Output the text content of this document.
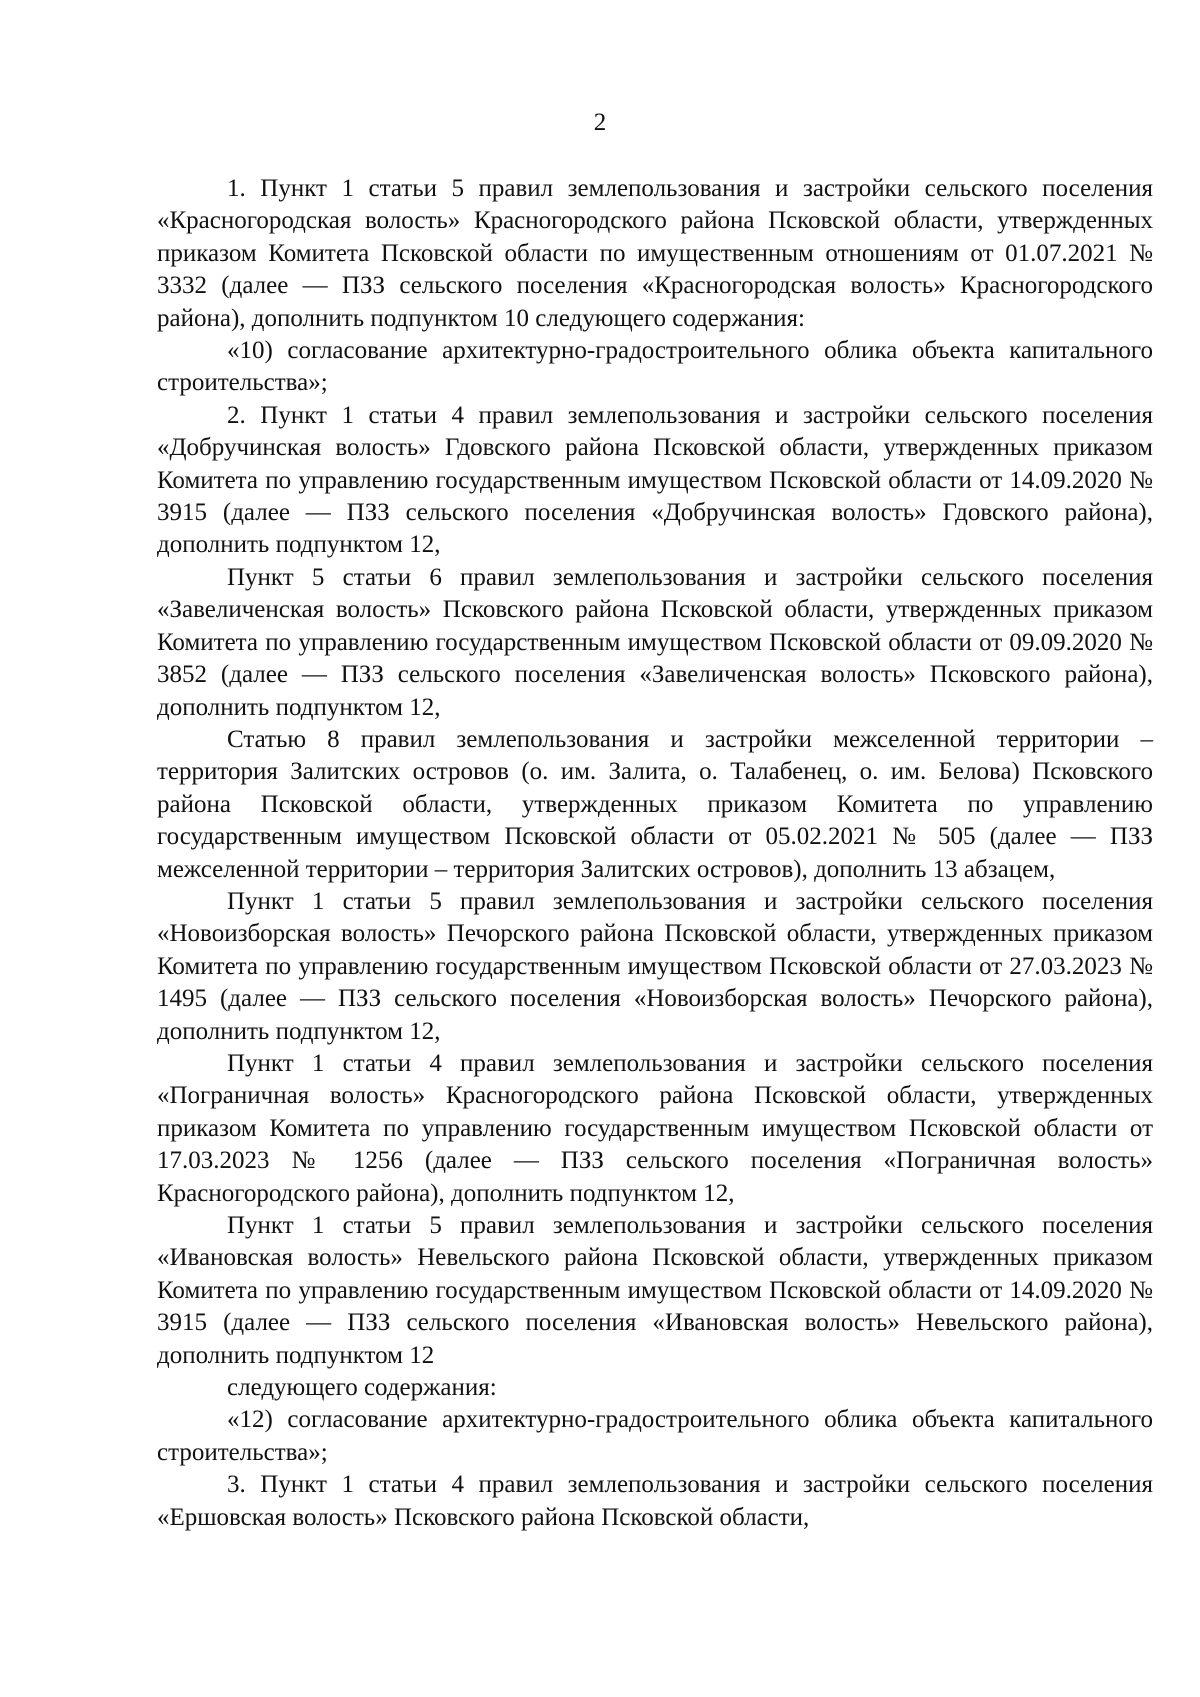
2

1. Пункт 1 статьи 5 правил землепользования и застройки сельского поселения «Красногородская волость» Красногородского района Псковской области, утвержденных приказом Комитета Псковской области по имущественным отношениям от 01.07.2021 № 3332 (далее — ПЗЗ сельского поселения «Красногородская волость» Красногородского района), дополнить подпунктом 10 следующего содержания:

«10) согласование архитектурно-градостроительного облика объекта капитального строительства»;

2. Пункт 1 статьи 4 правил землепользования и застройки сельского поселения «Добручинская волость» Гдовского района Псковской области, утвержденных приказом Комитета по управлению государственным имуществом Псковской области от 14.09.2020 № 3915 (далее — ПЗЗ сельского поселения «Добручинская волость» Гдовского района), дополнить подпунктом 12,

Пункт 5 статьи 6 правил землепользования и застройки сельского поселения «Завеличенская волость» Псковского района Псковской области, утвержденных приказом Комитета по управлению государственным имуществом Псковской области от 09.09.2020 № 3852 (далее — ПЗЗ сельского поселения «Завеличенская волость» Псковского района), дополнить подпунктом 12,

Статью 8 правил землепользования и застройки межселенной территории – территория Залитских островов (о. им. Залита, о. Талабенец, о. им. Белова) Псковского района Псковской области, утвержденных приказом Комитета по управлению государственным имуществом Псковской области от 05.02.2021 № 505 (далее — ПЗЗ межселенной территории – территория Залитских островов), дополнить 13 абзацем,

Пункт 1 статьи 5 правил землепользования и застройки сельского поселения «Новоизборская волость» Печорского района Псковской области, утвержденных приказом Комитета по управлению государственным имуществом Псковской области от 27.03.2023 № 1495 (далее — ПЗЗ сельского поселения «Новоизборская волость» Печорского района), дополнить подпунктом 12,

Пункт 1 статьи 4 правил землепользования и застройки сельского поселения «Пограничная волость» Красногородского района Псковской области, утвержденных приказом Комитета по управлению государственным имуществом Псковской области от 17.03.2023 № 1256 (далее — ПЗЗ сельского поселения «Пограничная волость» Красногородского района), дополнить подпунктом 12,

Пункт 1 статьи 5 правил землепользования и застройки сельского поселения «Ивановская волость» Невельского района Псковской области, утвержденных приказом Комитета по управлению государственным имуществом Псковской области от 14.09.2020 № 3915 (далее — ПЗЗ сельского поселения «Ивановская волость» Невельского района), дополнить подпунктом 12

следующего содержания:

«12) согласование архитектурно-градостроительного облика объекта капитального строительства»;

3. Пункт 1 статьи 4 правил землепользования и застройки сельского поселения «Ершовская волость» Псковского района Псковской области,
